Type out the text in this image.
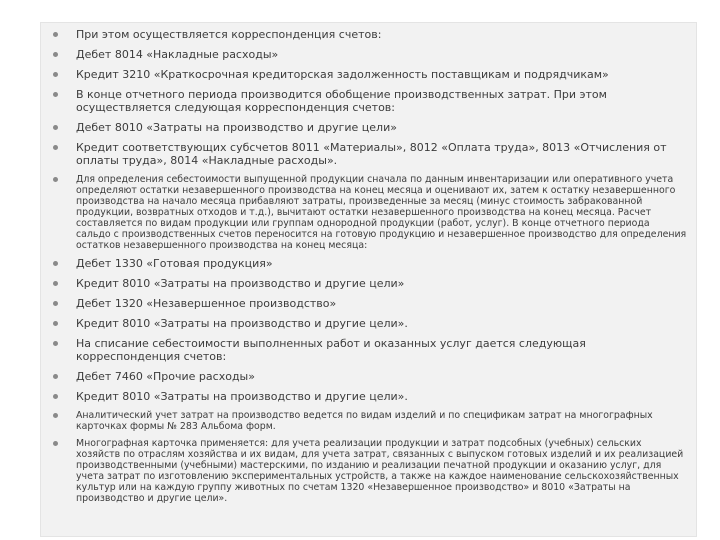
При этом осуществляется корреспонденция счетов:
Дебет 8014 «Накладные расходы»
Кредит 3210 «Краткосрочная кредиторская задолженность поставщикам и подрядчикам»
В конце отчетного периода производится обобщение производственных затрат. При этом осуществляется следующая корреспонденция счетов:
Дебет 8010 «Затраты на производство и другие цели»
Кредит соответствующих субсчетов 8011 «Материалы», 8012 «Оплата труда», 8013 «Отчисления от оплаты труда», 8014 «Накладные расходы».
Для определения себестоимости выпущенной продукции сначала по данным инвентаризации или оперативного учета определяют остатки незавершенного производства на конец месяца и оценивают их, затем к остатку незавершенного производства на начало месяца прибавляют затраты, произведенные за месяц (минус стоимость забракованной продукции, возвратных отходов и т.д.), вычитают остатки незавершенного производства на конец месяца. Расчет составляется по видам продукции или группам однородной продукции (работ, услуг). В конце отчетного периода сальдо с производственных счетов переносится на готовую продукцию и незавершенное производство для определения остатков незавершенного производства на конец месяца:
Дебет 1330 «Готовая продукция»
Кредит 8010 «Затраты на производство и другие цели»
Дебет 1320 «Незавершенное производство»
Кредит 8010 «Затраты на производство и другие цели».
На списание себестоимости выполненных работ и оказанных услуг дается следующая корреспонденция счетов:
Дебет 7460 «Прочие расходы»
Кредит 8010 «Затраты на производство и другие цели».
Аналитический учет затрат на производство ведется по видам изделий и по спецификам затрат на многографных карточках формы № 283 Альбома форм.
Многографная карточка применяется: для учета реализации продукции и затрат подсобных (учебных) сельских хозяйств по отраслям хозяйства и их видам, для учета затрат, связанных с выпуском готовых изделий и их реализацией производственными (учебными) мастерскими, по изданию и реализации печатной продукции и оказанию услуг, для учета затрат по изготовлению экспериментальных устройств, а также на каждое наименование сельскохозяйственных культур или на каждую группу животных по счетам 1320 «Незавершенное производство» и 8010 «Затраты на производство и другие цели».
